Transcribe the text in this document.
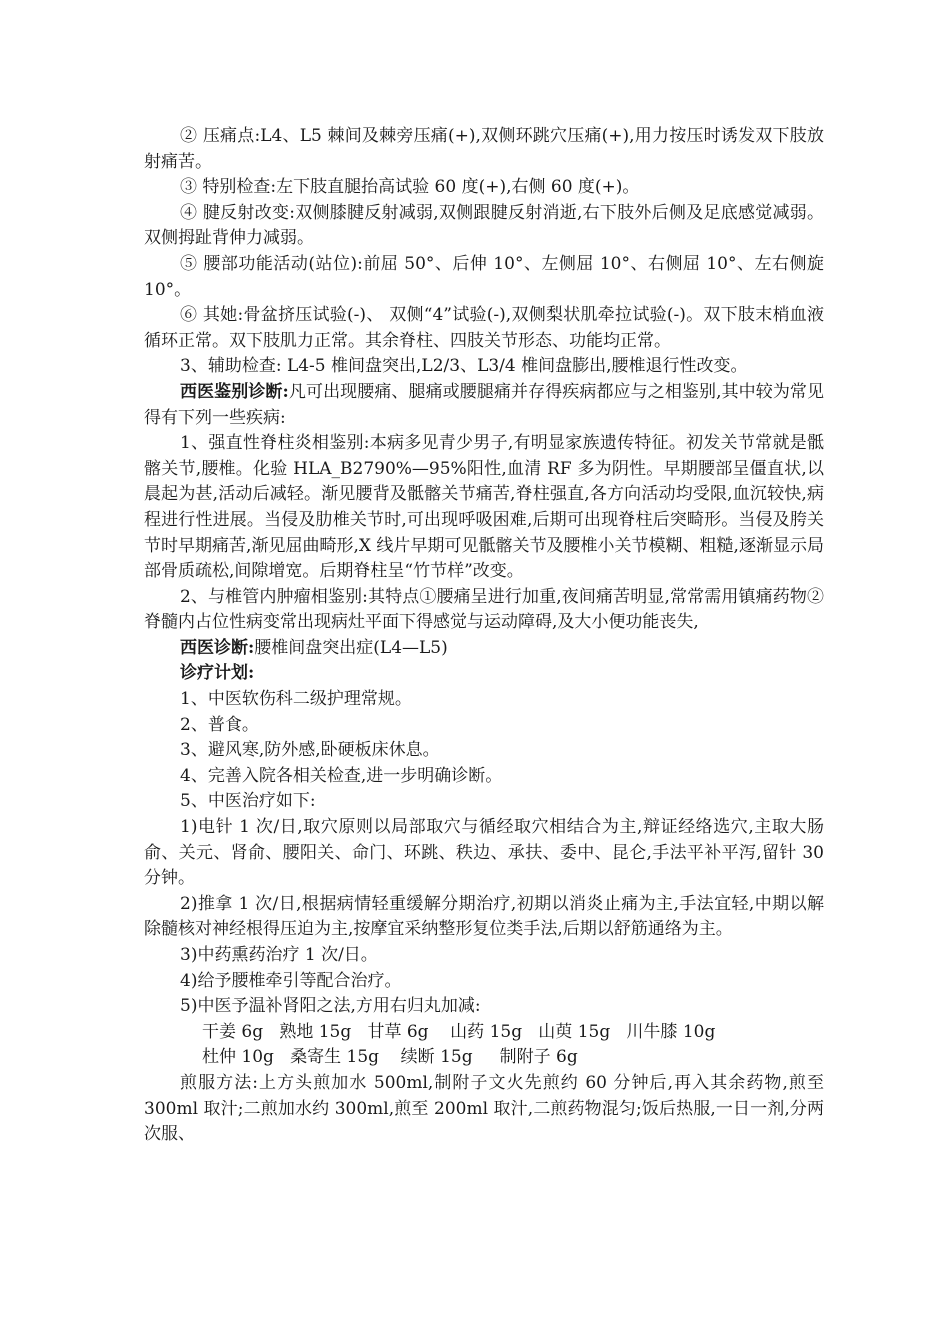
② 压痛点:L4、L5 棘间及棘旁压痛(+),双侧环跳穴压痛(+),用力按压时诱发双下肢放射痛苦。

③ 特别检查:左下肢直腿抬高试验 60 度(+),右侧 60 度(+)。

④ 腱反射改变:双侧膝腱反射减弱,双侧跟腱反射消逝,右下肢外后侧及足底感觉减弱。双侧拇趾背伸力减弱。

⑤ 腰部功能活动(站位):前屈 50°、后伸 10°、左侧屈 10°、右侧屈 10°、左右侧旋 10°。

⑥ 其她:骨盆挤压试验(-)、 双侧“4”试验(-),双侧梨状肌牵拉试验(-)。双下肢末梢血液循环正常。双下肢肌力正常。其余脊柱、四肢关节形态、功能均正常。

3、辅助检查: L4-5 椎间盘突出,L2/3、L3/4 椎间盘膨出,腰椎退行性改变。

西医鉴别诊断:凡可出现腰痛、腿痛或腰腿痛并存得疾病都应与之相鉴别,其中较为常见得有下列一些疾病:

1、强直性脊柱炎相鉴别:本病多见青少男子,有明显家族遗传特征。初发关节常就是骶髂关节,腰椎。化验 HLA_B2790%—95%阳性,血清 RF 多为阴性。早期腰部呈僵直状,以晨起为甚,活动后减轻。渐见腰背及骶髂关节痛苦,脊柱强直,各方向活动均受限,血沉较快,病程进行性进展。当侵及肋椎关节时,可出现呼吸困难,后期可出现脊柱后突畸形。当侵及胯关节时早期痛苦,渐见屈曲畸形,X 线片早期可见骶髂关节及腰椎小关节模糊、粗糙,逐渐显示局部骨质疏松,间隙增宽。后期脊柱呈“竹节样”改变。

2、与椎管内肿瘤相鉴别:其特点①腰痛呈进行加重,夜间痛苦明显,常常需用镇痛药物②脊髓内占位性病变常出现病灶平面下得感觉与运动障碍,及大小便功能丧失,

西医诊断:腰椎间盘突出症(L4—L5)

诊疗计划:

1、中医软伤科二级护理常规。

2、普食。

3、避风寒,防外感,卧硬板床休息。

4、完善入院各相关检查,进一步明确诊断。

5、中医治疗如下:

1)电针 1 次/日,取穴原则以局部取穴与循经取穴相结合为主,辩证经络选穴,主取大肠俞、关元、肾俞、腰阳关、命门、环跳、秩边、承扶、委中、昆仑,手法平补平泻,留针 30 分钟。

2)推拿 1 次/日,根据病情轻重缓解分期治疗,初期以消炎止痛为主,手法宜轻,中期以解除髓核对神经根得压迫为主,按摩宜采纳整形复位类手法,后期以舒筋通络为主。

3)中药熏药治疗 1 次/日。

4)给予腰椎牵引等配合治疗。

5)中医予温补肾阳之法,方用右归丸加减:

干姜 6g   熟地 15g   甘草 6g    山药 15g   山萸 15g   川牛膝 10g

杜仲 10g   桑寄生 15g    续断 15g     制附子 6g

煎服方法:上方头煎加水 500ml,制附子文火先煎约 60 分钟后,再入其余药物,煎至 300ml 取汁;二煎加水约 300ml,煎至 200ml 取汁,二煎药物混匀;饭后热服,一日一剂,分两次服、
